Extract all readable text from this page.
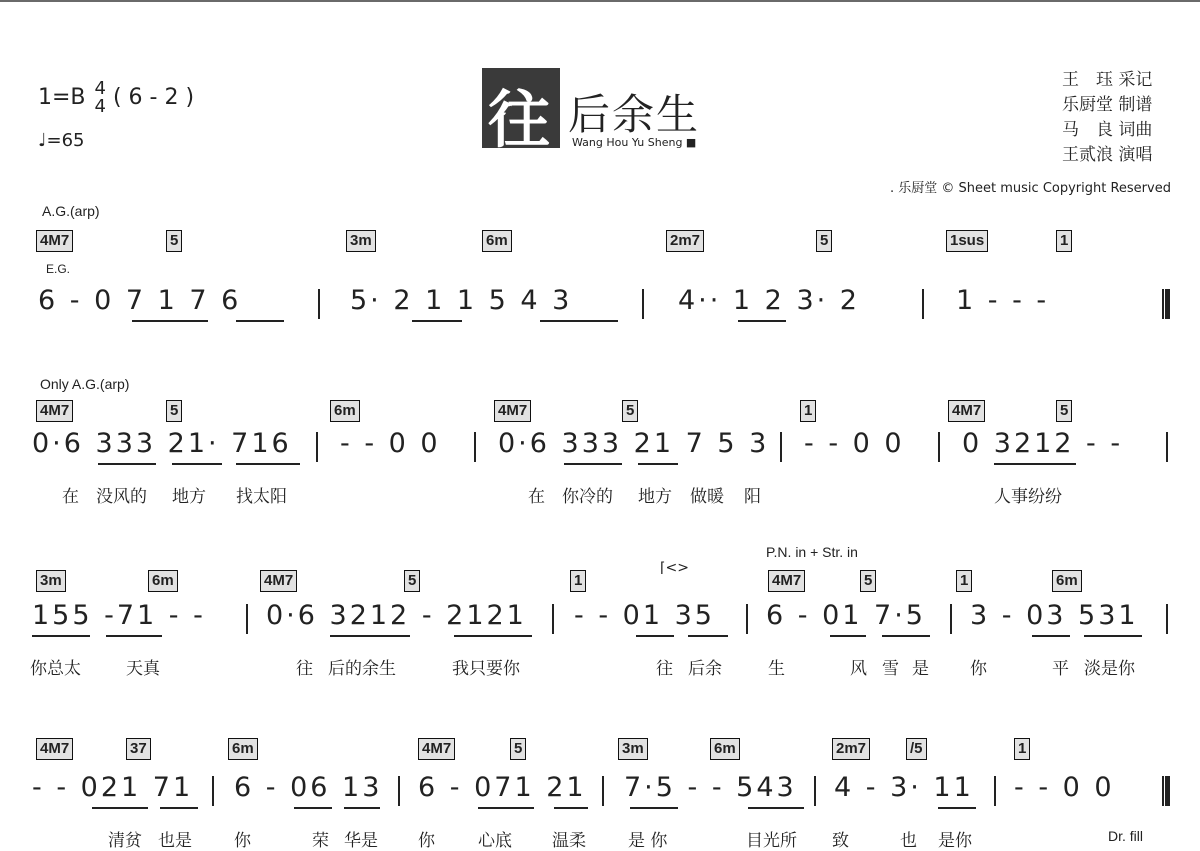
1=B 4
4 ( 6 - 2 )
♩=65	往 后余生
Wang Hou Yu Sheng ■
王　珏 采记
乐厨堂 制谱
马　良 词曲
王贰浪 演唱
. 乐厨堂 © Sheet music Copyright Reserved
A.G.(arp)
E.G.
4M7	5	3m	6m	2m7	5	1sus	1
6 - 0 7 1 7 6	5· 2 1 1 5 4 3	4·· 1 2 3· 2	1 - - -
Only A.G.(arp)
4M7	5	6m	4M7	5	1	4M7	5
0·6 333 21· 716 - - 0 0 0·6 333 21 7 5 3 - - 0 0 0 3212 - -
在 没风的 地方 找太阳	在 你冷的 地方 做暖 阳	人事纷纷
P.N. in + Str. in
3m	6m	4M7	5	1	4M7	5	1	6m
⌈<>
155 -71 - - 0·6 3212 - 2121 - - 01 35 6 - 01 7·5 3 - 03 531
你总太	天真	往 后的余生	我只要你	往 后余	生	风 雪 是 你	平 淡是你
4M7	37	6m	4M7	5	3m	6m	2m7	/5	1
- - 021 71 6 - 06 13 6 - 071 21 7·5 - - 543 4 - 3· 11 - - 0 0
清贫 也是 你	荣 华是 你	心底 温柔 是 你	目光所 致	也 是你	Dr. fill
